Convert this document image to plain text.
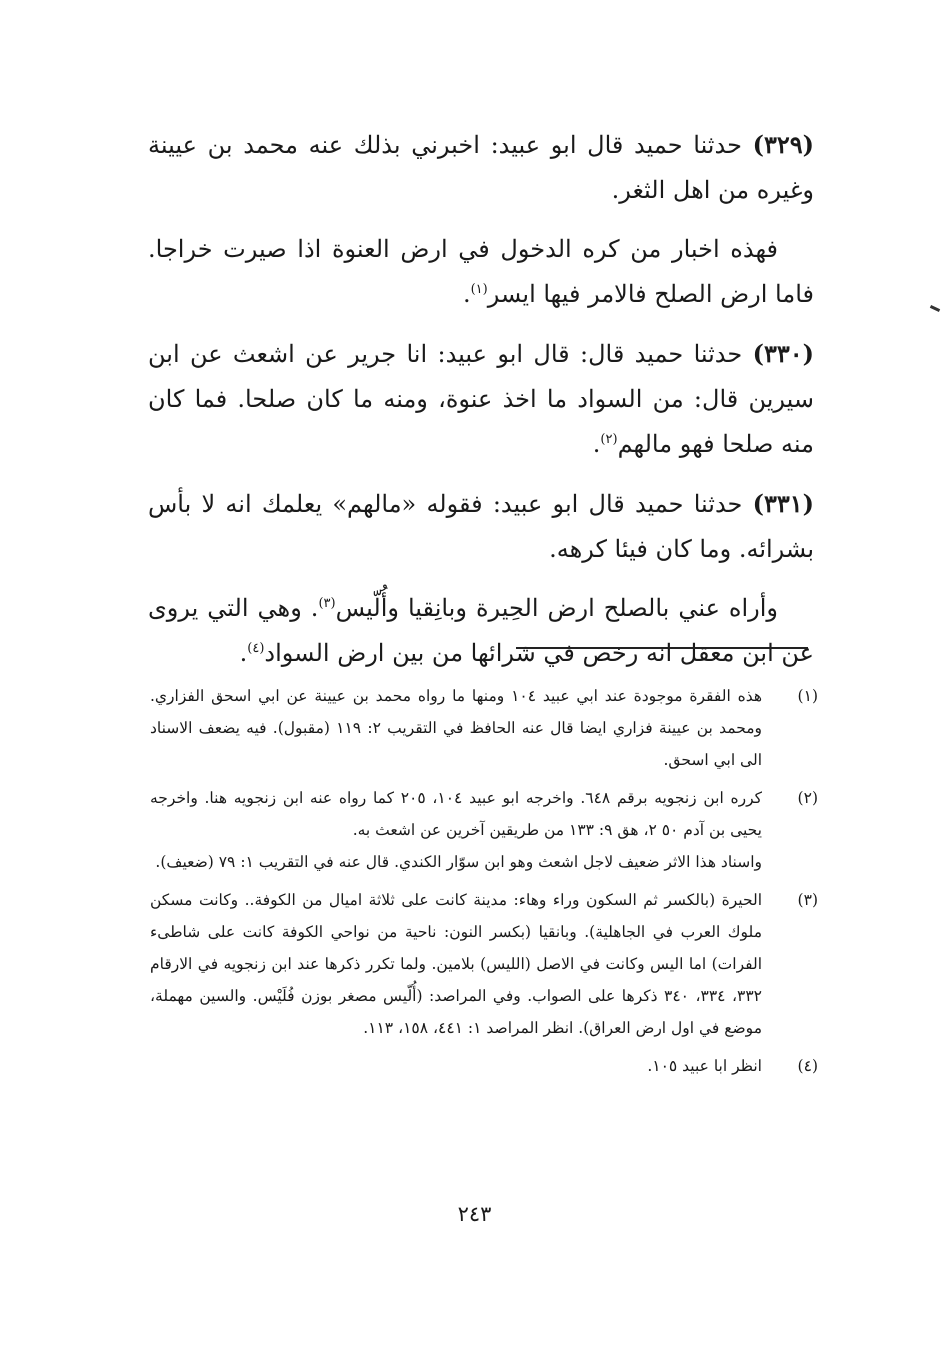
(٣٢٩) حدثنا حميد قال ابو عبيد: اخبرني بذلك عنه محمد بن عيينة وغيره من اهل الثغر.

فهذه اخبار من كره الدخول في ارض العنوة اذا صيرت خراجا. فاما ارض الصلح فالامر فيها ايسر$^{(١)}$.

(٣٣٠) حدثنا حميد قال: قال ابو عبيد: انا جرير عن اشعث عن ابن سيرين قال: من السواد ما اخذ عنوة، ومنه ما كان صلحا. فما كان منه صلحا فهو مالهم$^{(٢)}$.

(٣٣١) حدثنا حميد قال ابو عبيد: فقوله «مالهم» يعلمك انه لا بأس بشرائه. وما كان فيئا كرهه.

وأراه عني بالصلح ارض الحِيرة وبانِقيا وأُلّيس$^{(٣)}$. وهي التي يروى عن ابن معقل انه رخص في شرائها من بين ارض السواد$^{(٤)}$.

(١)

هذه الفقرة موجودة عند ابي عبيد ١٠٤ ومنها ما رواه محمد بن عيينة عن ابي اسحق الفزاري. ومحمد بن عيينة فزاري ايضا قال عنه الحافظ في التقريب ٢: ١١٩ (مقبول). فيه يضعف الاسناد الى ابي اسحق.

(٢)

كرره ابن زنجويه برقم ٦٤٨. واخرجه ابو عبيد ١٠٤، ٢٠٥ كما رواه عنه ابن زنجويه هنا. واخرجه يحيى بن آدم ٥٠ ٢، هق ٩: ١٣٣ من طريقين آخرين عن اشعث به.

واسناد هذا الاثر ضعيف لاجل اشعث وهو ابن سوّار الكندي. قال عنه في التقريب ١: ٧٩ (ضعيف).

(٣)

الحيرة (بالكسر ثم السكون وراء وهاء: مدينة كانت على ثلاثة اميال من الكوفة.. وكانت مسكن ملوك العرب في الجاهلية). وبانقيا (بكسر النون: ناحية من نواحي الكوفة كانت على شاطىء الفرات) اما اليس وكانت في الاصل (الليس) بلامين. ولما تكرر ذكرها عند ابن زنجويه في الارقام ٣٣٢، ٣٣٤، ٣٤٠ ذكرها على الصواب. وفي المراصد: (أُلّيس مصغر بوزن فُلَيْس. والسين مهملة، موضع في اول ارض العراق). انظر المراصد ١: ٤٤١، ١٥٨، ١١٣.

(٤)

انظر ابا عبيد ١٠٥.

٢٤٣
